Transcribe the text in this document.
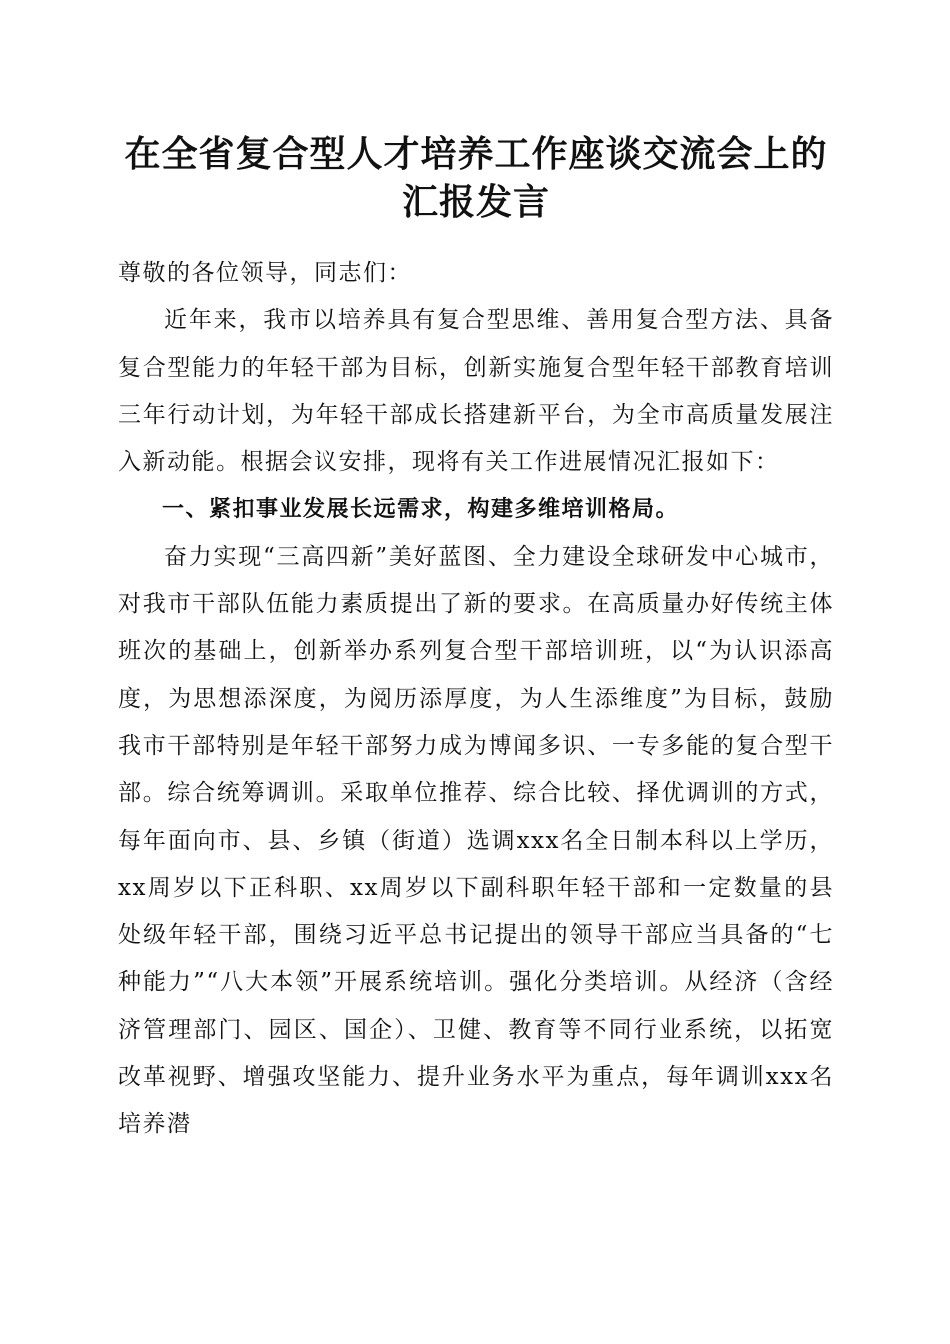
在全省复合型人才培养工作座谈交流会上的汇报发言

尊敬的各位领导，同志们：

近年来，我市以培养具有复合型思维、善用复合型方法、具备复合型能力的年轻干部为目标，创新实施复合型年轻干部教育培训三年行动计划，为年轻干部成长搭建新平台，为全市高质量发展注入新动能。根据会议安排，现将有关工作进展情况汇报如下：

一、紧扣事业发展长远需求，构建多维培训格局。

奋力实现“三高四新”美好蓝图、全力建设全球研发中心城市，对我市干部队伍能力素质提出了新的要求。在高质量办好传统主体班次的基础上，创新举办系列复合型干部培训班，以“为认识添高度，为思想添深度，为阅历添厚度，为人生添维度”为目标，鼓励我市干部特别是年轻干部努力成为博闻多识、一专多能的复合型干部。综合统筹调训。采取单位推荐、综合比较、择优调训的方式，每年面向市、县、乡镇（街道）选调xxx名全日制本科以上学历，xx周岁以下正科职、xx周岁以下副科职年轻干部和一定数量的县处级年轻干部，围绕习近平总书记提出的领导干部应当具备的“七种能力”“八大本领”开展系统培训。强化分类培训。从经济（含经济管理部门、园区、国企）、卫健、教育等不同行业系统，以拓宽改革视野、增强攻坚能力、提升业务水平为重点，每年调训xxx名培养潜
